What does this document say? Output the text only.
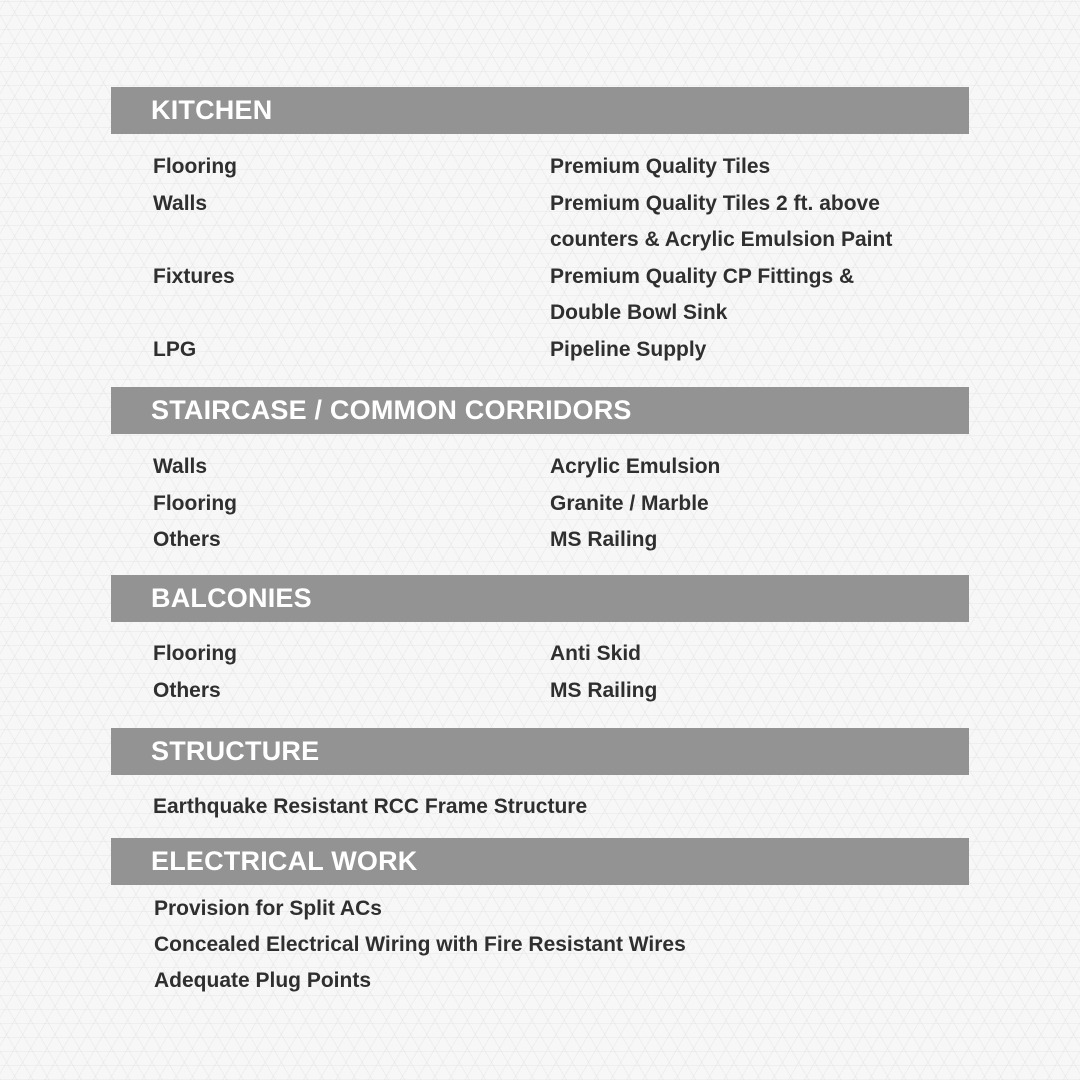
KITCHEN
Flooring	Premium Quality Tiles
Walls	Premium Quality Tiles 2 ft. above
counters & Acrylic Emulsion Paint
Fixtures	Premium Quality CP Fittings &
Double Bowl Sink
LPG	Pipeline Supply
STAIRCASE / COMMON CORRIDORS
Walls	Acrylic Emulsion
Flooring	Granite / Marble
Others	MS Railing
BALCONIES
Flooring	Anti Skid
Others	MS Railing
STRUCTURE
Earthquake Resistant RCC Frame Structure
ELECTRICAL WORK
Provision for Split ACs
Concealed Electrical Wiring with Fire Resistant Wires
Adequate Plug Points
